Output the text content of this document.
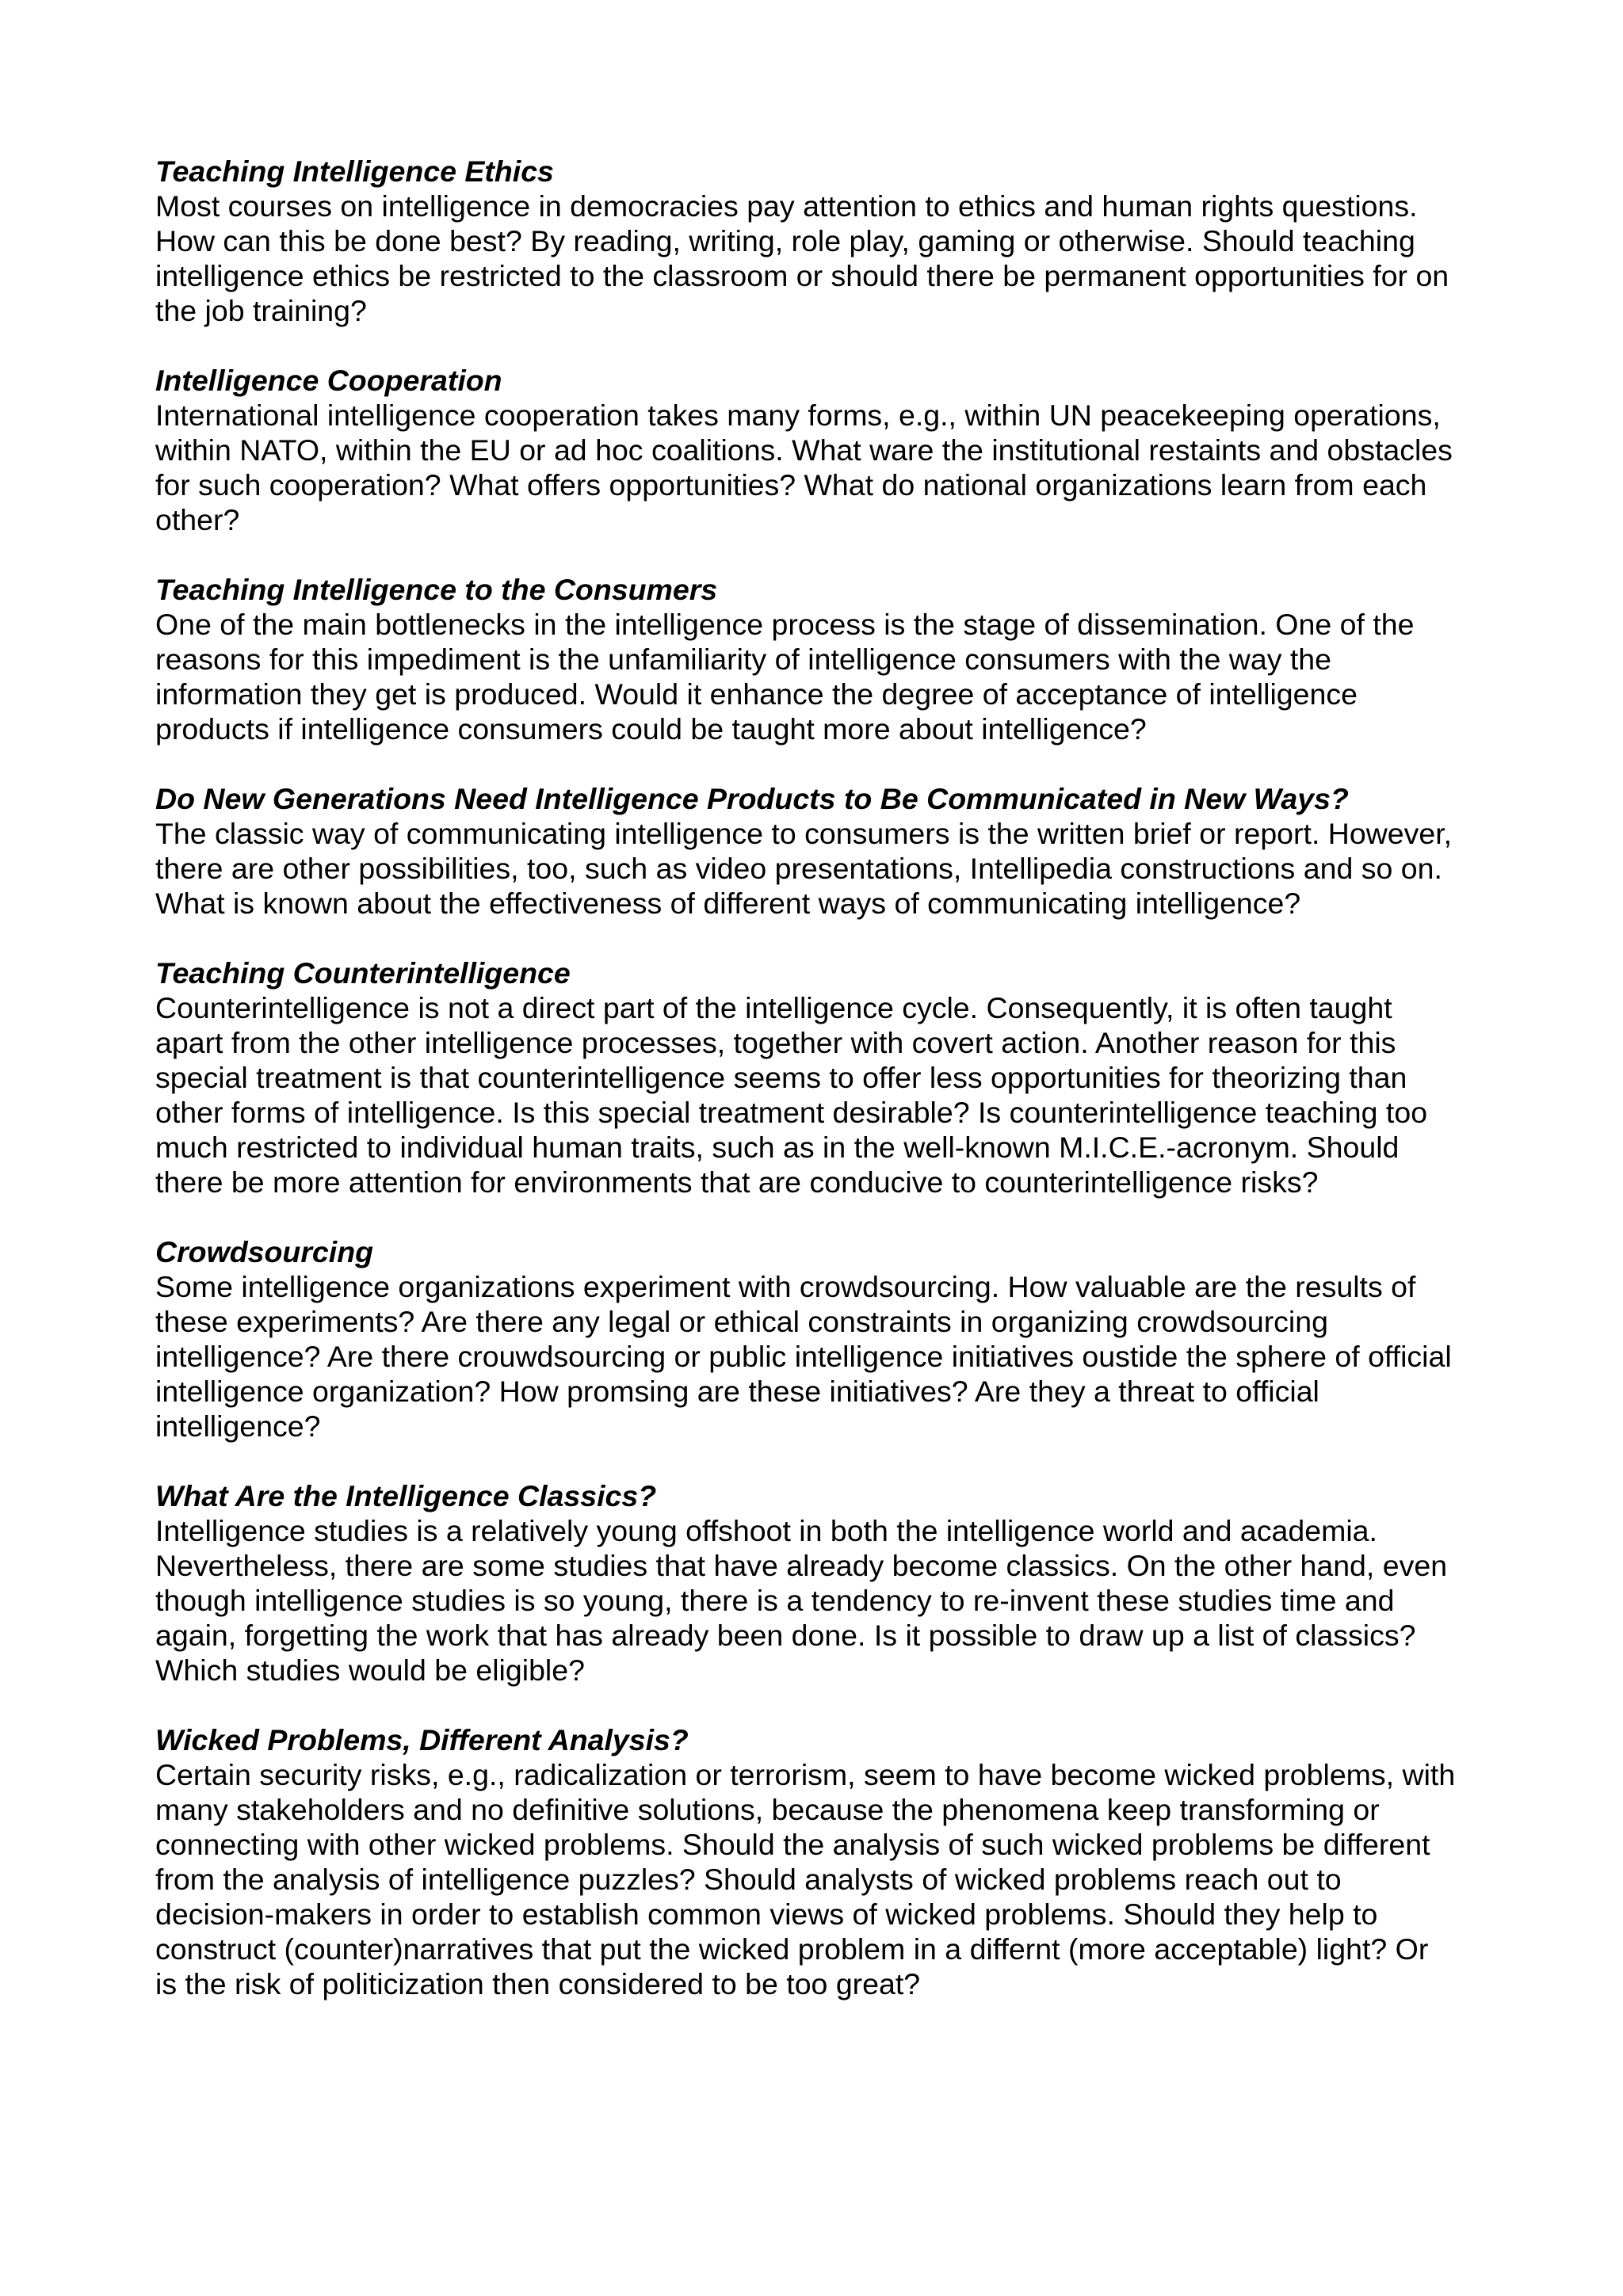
Teaching Intelligence Ethics

Most courses on intelligence in democracies pay attention to ethics and human rights questions.
How can this be done best? By reading, writing, role play, gaming or otherwise. Should teaching
intelligence ethics be restricted to the classroom or should there be permanent opportunities for on
the job training?

Intelligence Cooperation

International intelligence cooperation takes many forms, e.g., within UN peacekeeping operations,
within NATO, within the EU or ad hoc coalitions. What ware the institutional restaints and obstacles
for such cooperation? What offers opportunities? What do national organizations learn from each
other?

Teaching Intelligence to the Consumers

One of the main bottlenecks in the intelligence process is the stage of dissemination. One of the
reasons for this impediment is the unfamiliarity of intelligence consumers with the way the
information they get is produced. Would it enhance the degree of acceptance of intelligence
products if intelligence consumers could be taught more about intelligence?

Do New Generations Need Intelligence Products to Be Communicated in New Ways?

The classic way of communicating intelligence to consumers is the written brief or report. However,
there are other possibilities, too, such as video presentations, Intellipedia constructions and so on.
What is known about the effectiveness of different ways of communicating intelligence?

Teaching Counterintelligence

Counterintelligence is not a direct part of the intelligence cycle. Consequently, it is often taught
apart from the other intelligence processes, together with covert action. Another reason for this
special treatment is that counterintelligence seems to offer less opportunities for theorizing than
other forms of intelligence. Is this special treatment desirable? Is counterintelligence teaching too
much restricted to individual human traits, such as in the well-known M.I.C.E.-acronym. Should
there be more attention for environments that are conducive to counterintelligence risks?

Crowdsourcing

Some intelligence organizations experiment with crowdsourcing. How valuable are the results of
these experiments? Are there any legal or ethical constraints in organizing crowdsourcing
intelligence? Are there crouwdsourcing or public intelligence initiatives oustide the sphere of official
intelligence organization? How promsing are these initiatives? Are they a threat to official
intelligence?

What Are the Intelligence Classics?

Intelligence studies is a relatively young offshoot in both the intelligence world and academia.
Nevertheless, there are some studies that have already become classics. On the other hand, even
though intelligence studies is so young, there is a tendency to re-invent these studies time and
again, forgetting the work that has already been done. Is it possible to draw up a list of classics?
Which studies would be eligible?

Wicked Problems, Different Analysis?

Certain security risks, e.g., radicalization or terrorism, seem to have become wicked problems, with
many stakeholders and no definitive solutions, because the phenomena keep transforming or
connecting with other wicked problems. Should the analysis of such wicked problems be different
from the analysis of intelligence puzzles? Should analysts of wicked problems reach out to
decision-makers in order to establish common views of wicked problems. Should they help to
construct (counter)narratives that put the wicked problem in a differnt (more acceptable) light? Or
is the risk of politicization then considered to be too great?
